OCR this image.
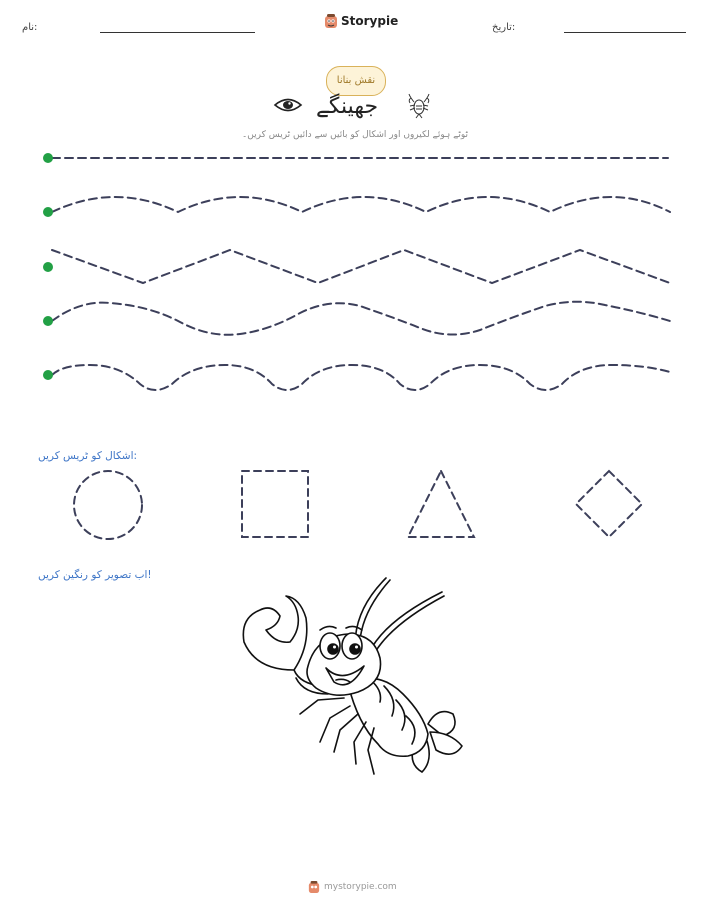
نام:	Storypie	تاریخ:
نقش بنانا
جھینگے
ٹوٹے ہوئے لکیروں اور اشکال کو بائیں سے دائیں ٹریس کریں۔
اشکال کو ٹریس کریں:
اب تصویر کو رنگین کریں!
mystorypie.com
